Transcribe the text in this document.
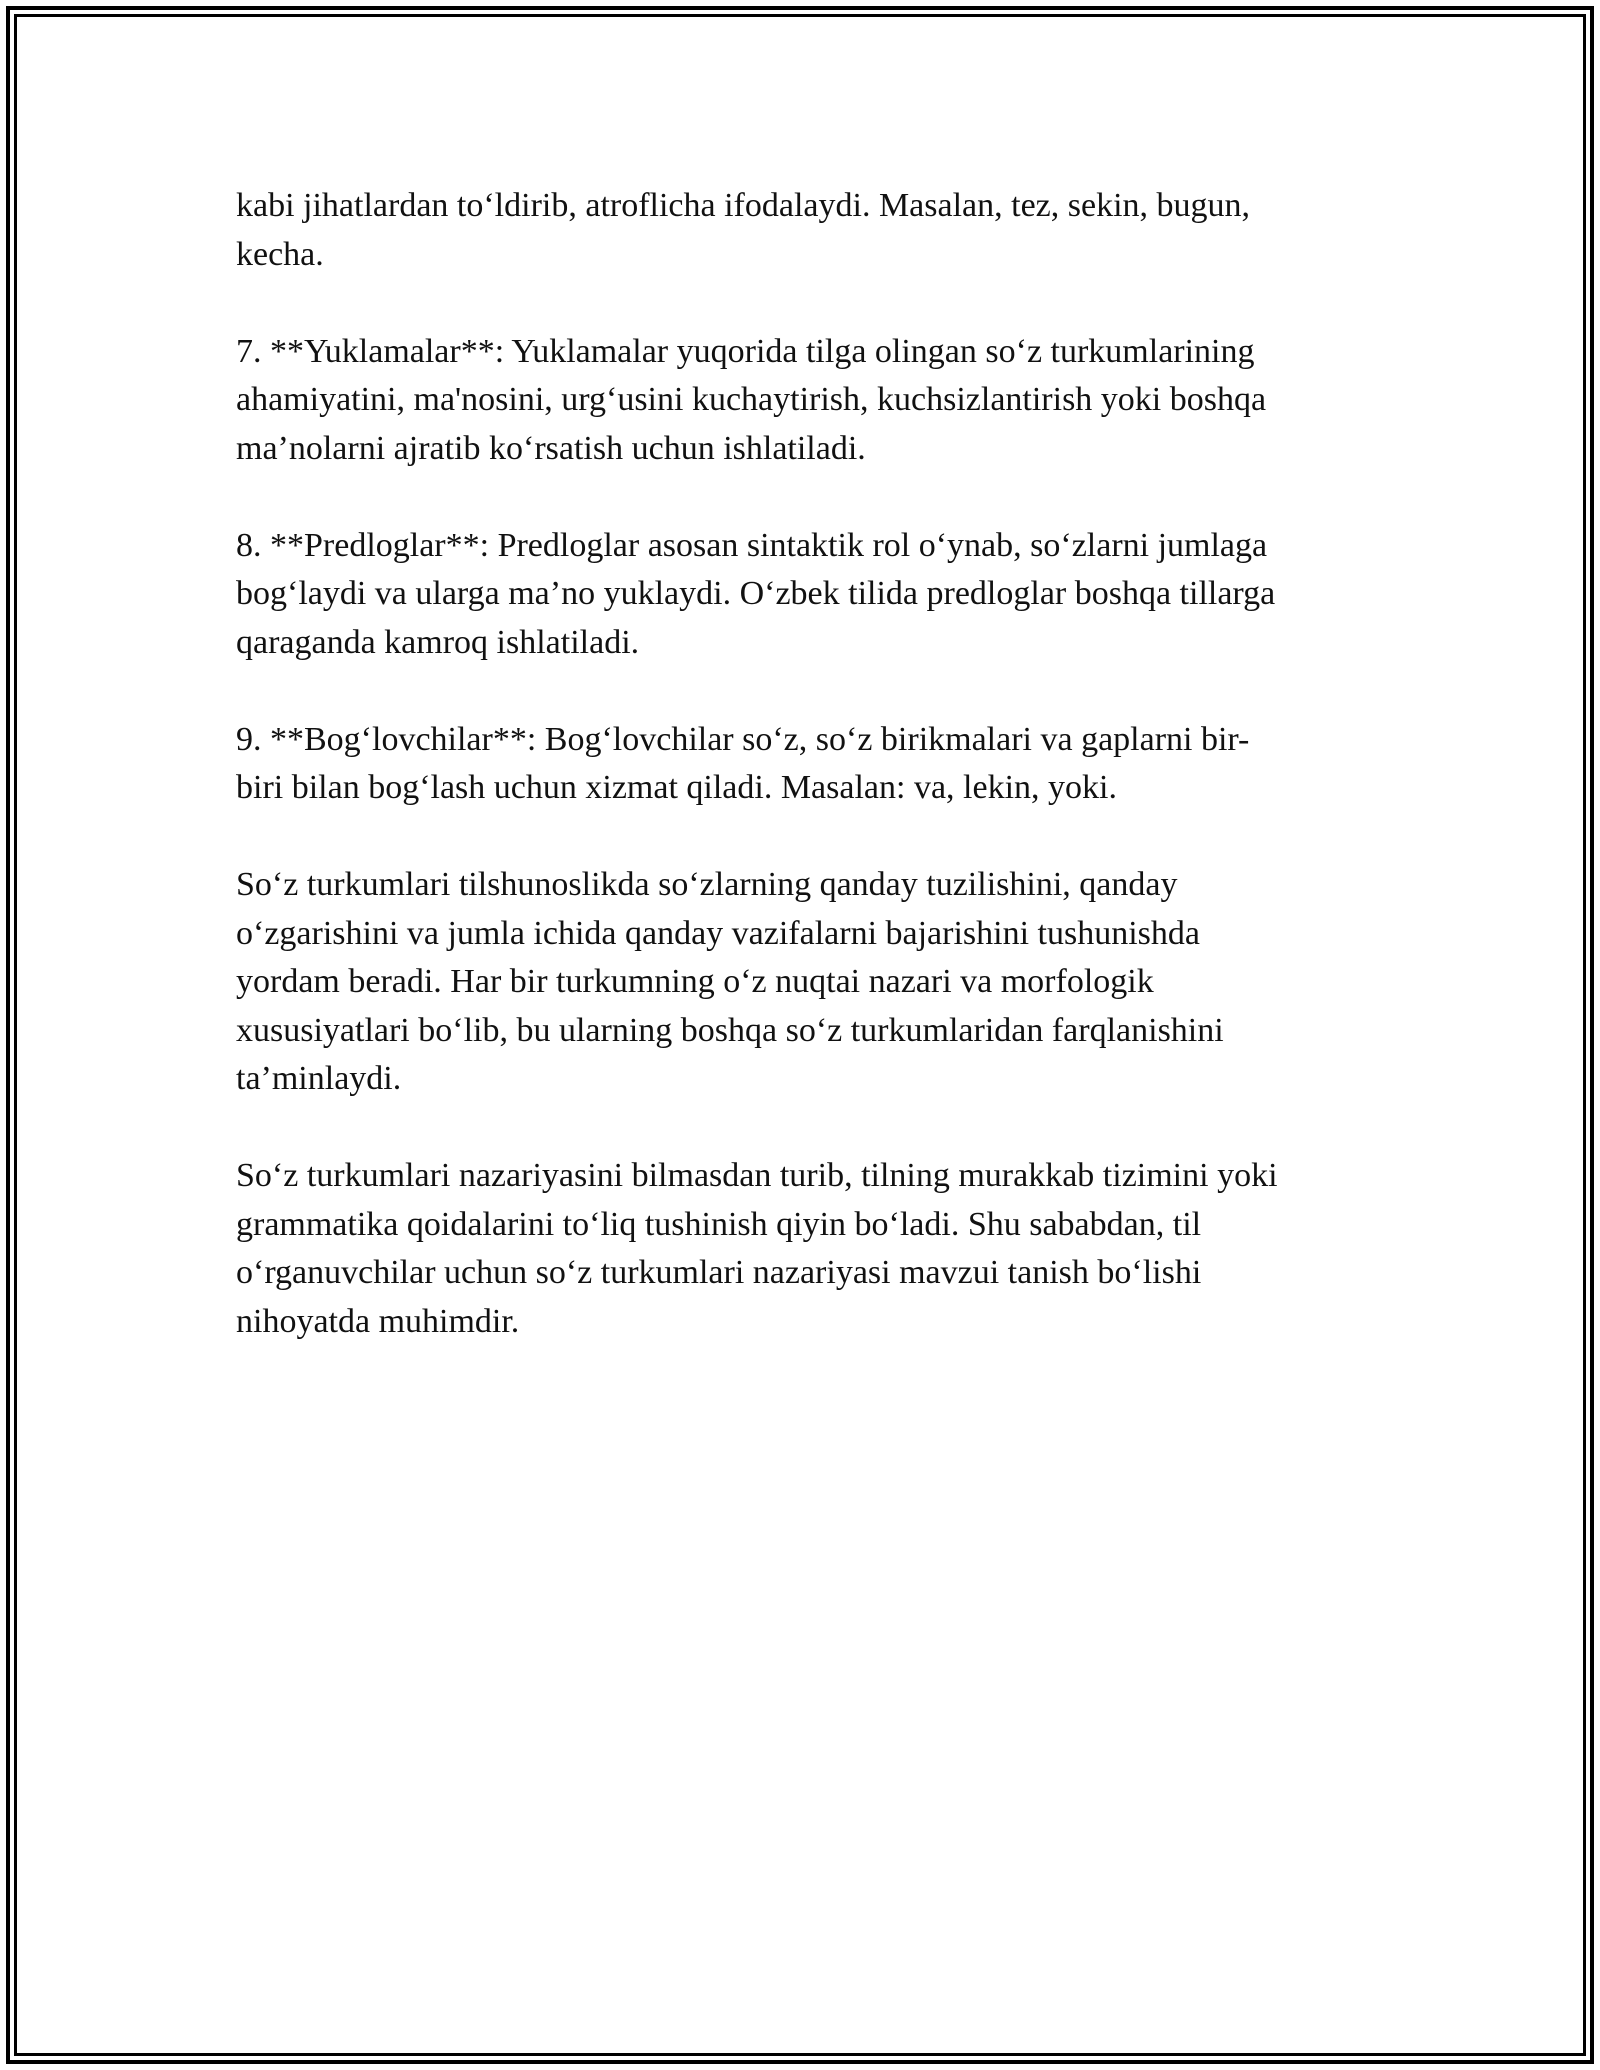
kabi jihatlardan to‘ldirib, atroflicha ifodalaydi. Masalan, tez, sekin, bugun,
kecha.

7. **Yuklamalar**: Yuklamalar yuqorida tilga olingan so‘z turkumlarining
ahamiyatini, ma'nosini, urg‘usini kuchaytirish, kuchsizlantirish yoki boshqa
ma’nolarni ajratib ko‘rsatish uchun ishlatiladi.

8. **Predloglar**: Predloglar asosan sintaktik rol o‘ynab, so‘zlarni jumlaga
bog‘laydi va ularga ma’no yuklaydi. O‘zbek tilida predloglar boshqa tillarga
qaraganda kamroq ishlatiladi.

9. **Bog‘lovchilar**: Bog‘lovchilar so‘z, so‘z birikmalari va gaplarni bir-
biri bilan bog‘lash uchun xizmat qiladi. Masalan: va, lekin, yoki.

So‘z turkumlari tilshunoslikda so‘zlarning qanday tuzilishini, qanday
o‘zgarishini va jumla ichida qanday vazifalarni bajarishini tushunishda
yordam beradi. Har bir turkumning o‘z nuqtai nazari va morfologik
xususiyatlari bo‘lib, bu ularning boshqa so‘z turkumlaridan farqlanishini
ta’minlaydi.

So‘z turkumlari nazariyasini bilmasdan turib, tilning murakkab tizimini yoki
grammatika qoidalarini to‘liq tushinish qiyin bo‘ladi. Shu sababdan, til
o‘rganuvchilar uchun so‘z turkumlari nazariyasi mavzui tanish bo‘lishi
nihoyatda muhimdir.
